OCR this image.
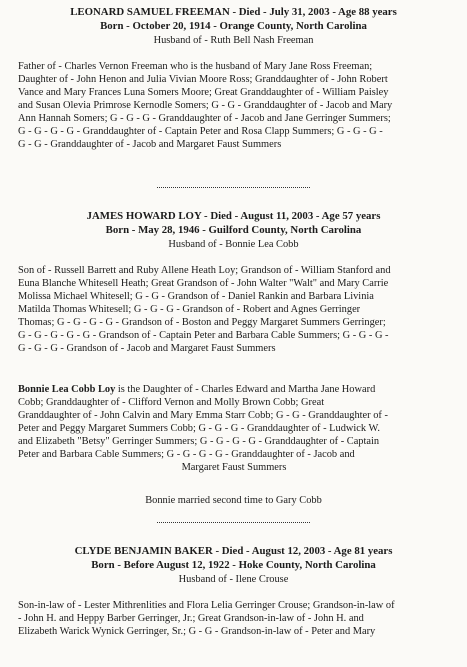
LEONARD SAMUEL FREEMAN - Died - July 31, 2003 - Age 88 years
Born - October 20, 1914 - Orange County, North Carolina
Husband of - Ruth Bell Nash Freeman
Father of - Charles Vernon Freeman who is the husband of Mary Jane Ross Freeman;
Daughter of - John Henon and Julia Vivian Moore Ross; Granddaughter of - John Robert
Vance and Mary Frances Luna Somers Moore; Great Granddaughter of - William Paisley
and Susan Olevia Primrose Kernodle Somers; G - G - Granddaughter of - Jacob and Mary
Ann Hannah Somers; G - G - G - Granddaughter of - Jacob and Jane Gerringer Summers;
G - G - G - G - Granddaughter of - Captain Peter and Rosa Clapp Summers; G - G - G -
G - G - Granddaughter of - Jacob and Margaret Faust Summers
JAMES HOWARD LOY - Died - August 11, 2003 - Age 57 years
Born - May 28, 1946 - Guilford County, North Carolina
Husband of - Bonnie Lea Cobb
Son of - Russell Barrett and Ruby Allene Heath Loy; Grandson of - William Stanford and
Euna Blanche Whitesell Heath; Great Grandson of - John Walter "Walt" and Mary Carrie
Molissa Michael Whitesell; G - G - Grandson of - Daniel Rankin and Barbara Livinia
Matilda Thomas Whitesell; G - G - G - Grandson of - Robert and Agnes Gerringer
Thomas; G - G - G - G - Grandson of - Boston and Peggy Margaret Summers Gerringer;
G - G - G - G - G - Grandson of - Captain Peter and Barbara Cable Summers; G - G - G -
G - G - G - Grandson of - Jacob and Margaret Faust Summers
Bonnie Lea Cobb Loy is the Daughter of - Charles Edward and Martha Jane Howard
Cobb; Granddaughter of - Clifford Vernon and Molly Brown Cobb; Great
Granddaughter of - John Calvin and Mary Emma Starr Cobb; G - G - Granddaughter of -
Peter and Peggy Margaret Summers Cobb; G - G - G - Granddaughter of - Ludwick W.
and Elizabeth "Betsy" Gerringer Summers; G - G - G - G - Granddaughter of - Captain
Peter and Barbara Cable Summers; G - G - G - G - Granddaughter of - Jacob and
Margaret Faust Summers
Bonnie married second time to Gary Cobb
CLYDE BENJAMIN BAKER - Died - August 12, 2003 - Age 81 years
Born - Before August 12, 1922 - Hoke County, North Carolina
Husband of - Ilene Crouse
Son-in-law of - Lester Mithrenlities and Flora Lelia Gerringer Crouse; Grandson-in-law of
- John H. and Heppy Barber Gerringer, Jr.; Great Grandson-in-law of - John H. and
Elizabeth Warick Wynick Gerringer, Sr.; G - G - Grandson-in-law of - Peter and Mary
